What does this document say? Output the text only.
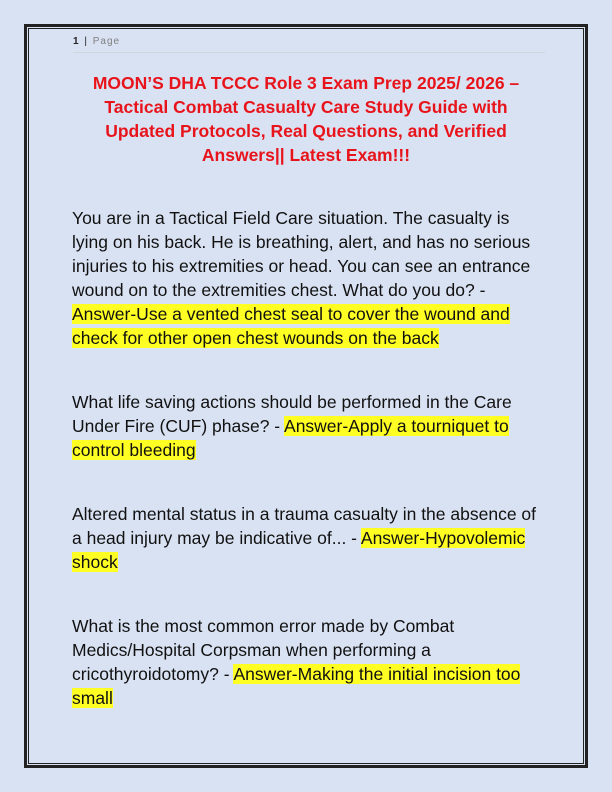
1 | Page
MOON’S DHA TCCC Role 3 Exam Prep 2025/ 2026 – Tactical Combat Casualty Care Study Guide with Updated Protocols, Real Questions, and Verified Answers|| Latest Exam!!!

You are in a Tactical Field Care situation. The casualty is lying on his back. He is breathing, alert, and has no serious injuries to his extremities or head. You can see an entrance wound on to the extremities chest. What do you do? - Answer-Use a vented chest seal to cover the wound and check for other open chest wounds on the back

What life saving actions should be performed in the Care Under Fire (CUF) phase? - Answer-Apply a tourniquet to control bleeding

Altered mental status in a trauma casualty in the absence of a head injury may be indicative of... - Answer-Hypovolemic shock

What is the most common error made by Combat Medics/Hospital Corpsman when performing a cricothyroidotomy? - Answer-Making the initial incision too small
